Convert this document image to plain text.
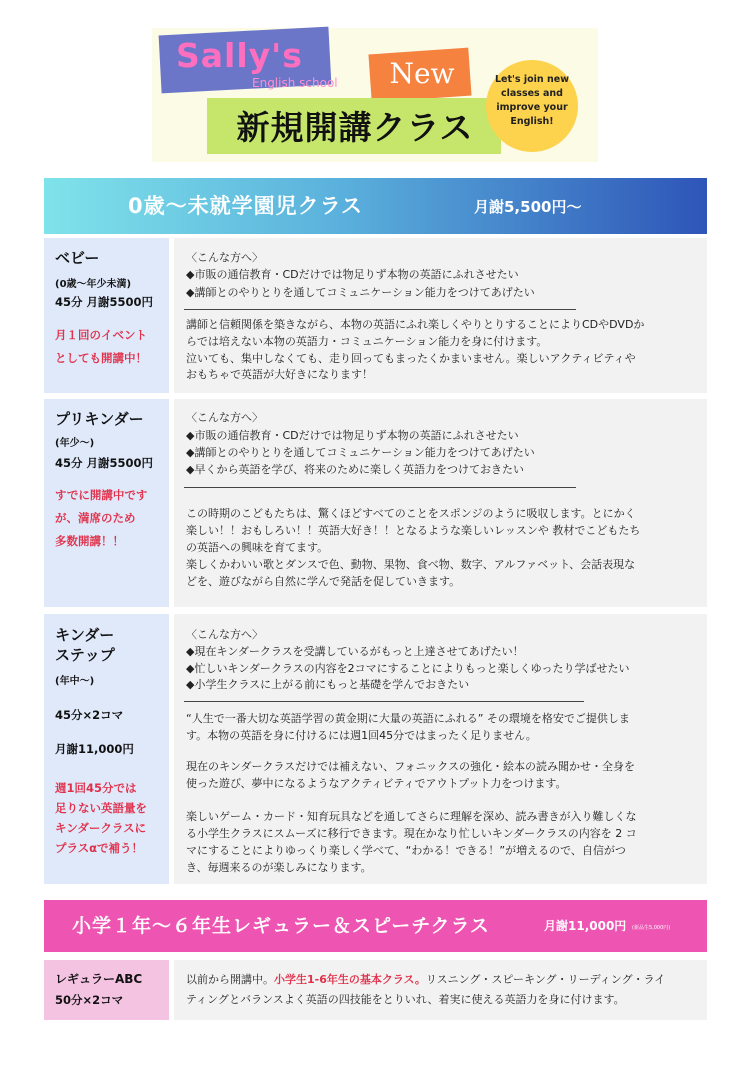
Sally's
English school New
新規開講クラス
Let's join new
classes and
improve your
English!
0歳〜未就学園児クラス	月謝5,500円〜
ベビー
(0歳〜年少未満)
45分 月謝5500円
月１回のイベント
としても開講中！
〈こんな方へ〉
◆市販の通信教育・CDだけでは物足りず本物の英語にふれさせたい
◆講師とのやりとりを通してコミュニケーション能力をつけてあげたい
講師と信頼関係を築きながら、本物の英語にふれ楽しくやりとりすることによりCDやDVDか
らでは培えない本物の英語力・コミュニケーション能力を身に付けます。
泣いても、集中しなくても、走り回ってもまったくかまいません。楽しいアクティビティや
おもちゃで英語が大好きになります！
プリキンダー
(年少〜)
45分 月謝5500円
すでに開講中です
が、満席のため
多数開講！！
〈こんな方へ〉
◆市販の通信教育・CDだけでは物足りず本物の英語にふれさせたい
◆講師とのやりとりを通してコミュニケーション能力をつけてあげたい
◆早くから英語を学び、将来のために楽しく英語力をつけておきたい
この時期のこどもたちは、驚くほどすべてのことをスポンジのように吸収します。とにかく
楽しい！！おもしろい！！英語大好き！！となるような楽しいレッスンや 教材でこどもたち
の英語への興味を育てます。
楽しくかわいい歌とダンスで色、動物、果物、食べ物、数字、アルファベット、会話表現な
どを、遊びながら自然に学んで発話を促していきます。
キンダー
ステップ
(年中〜)
45分×2コマ
月謝11,000円
週1回45分では
足りない英語量を
キンダークラスに
プラスαで補う！
〈こんな方へ〉
◆現在キンダークラスを受講しているがもっと上達させてあげたい！
◆忙しいキンダークラスの内容を2コマにすることによりもっと楽しくゆったり学ばせたい
◆小学生クラスに上がる前にもっと基礎を学んでおきたい
“人生で一番大切な英語学習の黄金期に大量の英語にふれる” その環境を格安でご提供しま
す。本物の英語を身に付けるには週1回45分ではまったく足りません。
現在のキンダークラスだけでは補えない、フォニックスの強化・絵本の読み聞かせ・全身を
使った遊び、夢中になるようなアクティビティでアウトプット力をつけます。
楽しいゲーム・カード・知育玩具などを通してさらに理解を深め、読み書きが入り難しくな
る小学生クラスにスムーズに移行できます。現在かなり忙しいキンダークラスの内容を 2 コ
マにすることによりゆっくり楽しく学べて、“わかる！できる！”が増えるので、自信がつ
き、毎週来るのが楽しみになります。
小学１年〜６年生レギュラー＆スピーチクラス	月謝11,000円 (新品生5,000円)
レギュラーABC
50分×2コマ
以前から開講中。小学生1-6年生の基本クラス。リスニング・スピーキング・リーディング・ライ
ティングとバランスよく英語の四技能をとりいれ、着実に使える英語力を身に付けます。
